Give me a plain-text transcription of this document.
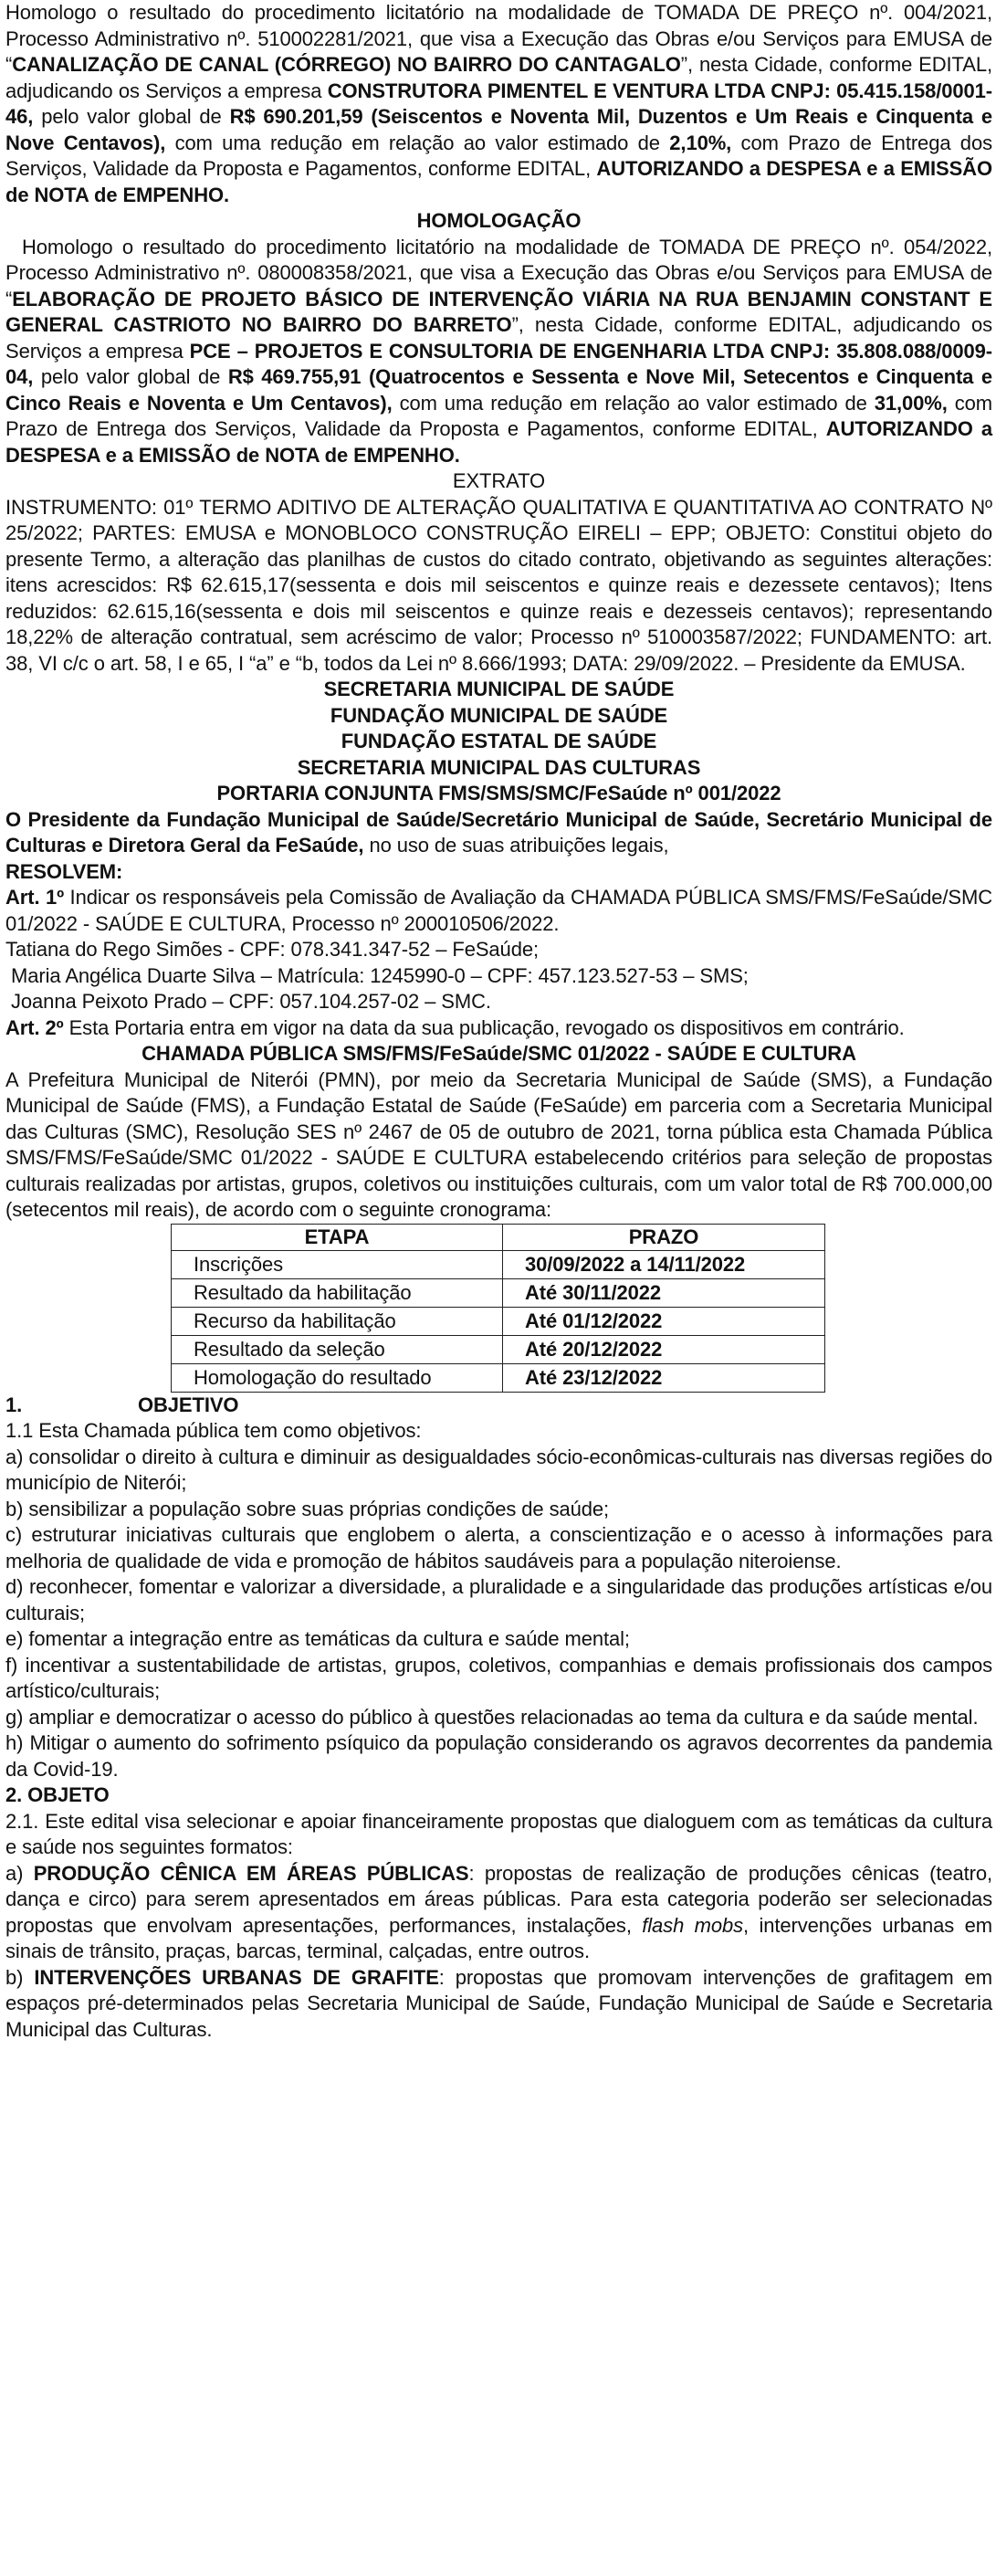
Homologo o resultado do procedimento licitatório na modalidade de TOMADA DE PREÇO nº. 004/2021, Processo Administrativo nº. 510002281/2021, que visa a Execução das Obras e/ou Serviços para EMUSA de “CANALIZAÇÃO DE CANAL (CÓRREGO) NO BAIRRO DO CANTAGALO”, nesta Cidade, conforme EDITAL, adjudicando os Serviços a empresa CONSTRUTORA PIMENTEL E VENTURA LTDA CNPJ: 05.415.158/0001-46, pelo valor global de R$ 690.201,59 (Seiscentos e Noventa Mil, Duzentos e Um Reais e Cinquenta e Nove Centavos), com uma redução em relação ao valor estimado de 2,10%, com Prazo de Entrega dos Serviços, Validade da Proposta e Pagamentos, conforme EDITAL, AUTORIZANDO a DESPESA e a EMISSÃO de NOTA de EMPENHO.

HOMOLOGAÇÃO

Homologo o resultado do procedimento licitatório na modalidade de TOMADA DE PREÇO nº. 054/2022, Processo Administrativo nº. 080008358/2021, que visa a Execução das Obras e/ou Serviços para EMUSA de “ELABORAÇÃO DE PROJETO BÁSICO DE INTERVENÇÃO VIÁRIA NA RUA BENJAMIN CONSTANT E GENERAL CASTRIOTO NO BAIRRO DO BARRETO”, nesta Cidade, conforme EDITAL, adjudicando os Serviços a empresa PCE – PROJETOS E CONSULTORIA DE ENGENHARIA LTDA CNPJ: 35.808.088/0009-04, pelo valor global de R$ 469.755,91 (Quatrocentos e Sessenta e Nove Mil, Setecentos e Cinquenta e Cinco Reais e Noventa e Um Centavos), com uma redução em relação ao valor estimado de 31,00%, com Prazo de Entrega dos Serviços, Validade da Proposta e Pagamentos, conforme EDITAL, AUTORIZANDO a DESPESA e a EMISSÃO de NOTA de EMPENHO.

EXTRATO

INSTRUMENTO: 01º TERMO ADITIVO DE ALTERAÇÃO QUALITATIVA E QUANTITATIVA AO CONTRATO Nº 25/2022; PARTES: EMUSA e MONOBLOCO CONSTRUÇÃO EIRELI – EPP; OBJETO: Constitui objeto do presente Termo, a alteração das planilhas de custos do citado contrato, objetivando as seguintes alterações: itens acrescidos: R$ 62.615,17(sessenta e dois mil seiscentos e quinze reais e dezessete centavos); Itens reduzidos: 62.615,16(sessenta e dois mil seiscentos e quinze reais e dezesseis centavos); representando 18,22% de alteração contratual, sem acréscimo de valor; Processo nº 510003587/2022; FUNDAMENTO: art. 38, VI c/c o art. 58, I e 65, I “a” e “b, todos da Lei nº 8.666/1993; DATA: 29/09/2022. – Presidente da EMUSA.

SECRETARIA MUNICIPAL DE SAÚDE

FUNDAÇÃO MUNICIPAL DE SAÚDE

FUNDAÇÃO ESTATAL DE SAÚDE

SECRETARIA MUNICIPAL DAS CULTURAS

PORTARIA CONJUNTA FMS/SMS/SMC/FeSaúde nº 001/2022

O Presidente da Fundação Municipal de Saúde/Secretário Municipal de Saúde, Secretário Municipal de Culturas e Diretora Geral da FeSaúde, no uso de suas atribuições legais,

RESOLVEM:

Art. 1º Indicar os responsáveis pela Comissão de Avaliação da CHAMADA PÚBLICA SMS/FMS/FeSaúde/SMC 01/2022 - SAÚDE E CULTURA, Processo nº 200010506/2022.

Tatiana do Rego Simões - CPF: 078.341.347-52 – FeSaúde;

Maria Angélica Duarte Silva – Matrícula: 1245990-0 – CPF: 457.123.527-53 – SMS;

Joanna Peixoto Prado – CPF: 057.104.257-02 – SMC.

Art. 2º Esta Portaria entra em vigor na data da sua publicação, revogado os dispositivos em contrário.

CHAMADA PÚBLICA SMS/FMS/FeSaúde/SMC 01/2022 - SAÚDE E CULTURA

A Prefeitura Municipal de Niterói (PMN), por meio da Secretaria Municipal de Saúde (SMS), a Fundação Municipal de Saúde (FMS), a Fundação Estatal de Saúde (FeSaúde) em parceria com a Secretaria Municipal das Culturas (SMC), Resolução SES nº 2467 de 05 de outubro de 2021, torna pública esta Chamada Pública SMS/FMS/FeSaúde/SMC 01/2022 - SAÚDE E CULTURA estabelecendo critérios para seleção de propostas culturais realizadas por artistas, grupos, coletivos ou instituições culturais, com um valor total de R$ 700.000,00 (setecentos mil reais), de acordo com o seguinte cronograma:

ETAPA	PRAZO
Inscrições	30/09/2022 a 14/11/2022
Resultado da habilitação	Até 30/11/2022
Recurso da habilitação	Até 01/12/2022
Resultado da seleção	Até 20/12/2022
Homologação do resultado	Até 23/12/2022

1.	OBJETIVO

1.1 Esta Chamada pública tem como objetivos:

a) consolidar o direito à cultura e diminuir as desigualdades sócio-econômicas-culturais nas diversas regiões do município de Niterói;

b) sensibilizar a população sobre suas próprias condições de saúde;

c) estruturar iniciativas culturais que englobem o alerta, a conscientização e o acesso à informações para melhoria de qualidade de vida e promoção de hábitos saudáveis para a população niteroiense.

d) reconhecer, fomentar e valorizar a diversidade, a pluralidade e a singularidade das produções artísticas e/ou culturais;

e) fomentar a integração entre as temáticas da cultura e saúde mental;

f) incentivar a sustentabilidade de artistas, grupos, coletivos, companhias e demais profissionais dos campos artístico/culturais;

g) ampliar e democratizar o acesso do público à questões relacionadas ao tema da cultura e da saúde mental.

h) Mitigar o aumento do sofrimento psíquico da população considerando os agravos decorrentes da pandemia da Covid-19.

2. OBJETO

2.1. Este edital visa selecionar e apoiar financeiramente propostas que dialoguem com as temáticas da cultura e saúde nos seguintes formatos:

a) PRODUÇÃO CÊNICA EM ÁREAS PÚBLICAS: propostas de realização de produções cênicas (teatro, dança e circo) para serem apresentados em áreas públicas. Para esta categoria poderão ser selecionadas propostas que envolvam apresentações, performances, instalações, flash mobs, intervenções urbanas em sinais de trânsito, praças, barcas, terminal, calçadas, entre outros.

b) INTERVENÇÕES URBANAS DE GRAFITE: propostas que promovam intervenções de grafitagem em espaços pré-determinados pelas Secretaria Municipal de Saúde, Fundação Municipal de Saúde e Secretaria Municipal das Culturas.
